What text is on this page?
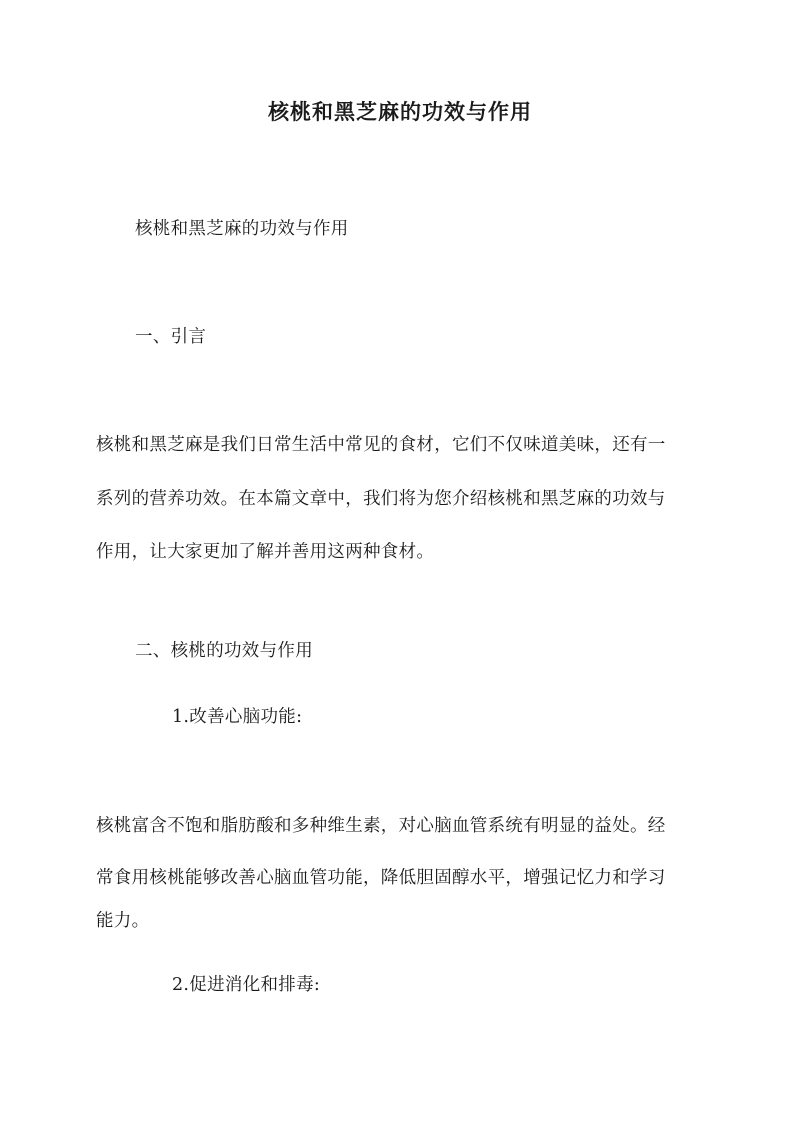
核桃和黑芝麻的功效与作用
核桃和黑芝麻的功效与作用
一、引言
核桃和黑芝麻是我们日常生活中常见的食材，它们不仅味道美味，还有一
系列的营养功效。在本篇文章中，我们将为您介绍核桃和黑芝麻的功效与
作用，让大家更加了解并善用这两种食材。
二、核桃的功效与作用
1.改善心脑功能:
核桃富含不饱和脂肪酸和多种维生素，对心脑血管系统有明显的益处。经
常食用核桃能够改善心脑血管功能，降低胆固醇水平，增强记忆力和学习
能力。
2.促进消化和排毒:
